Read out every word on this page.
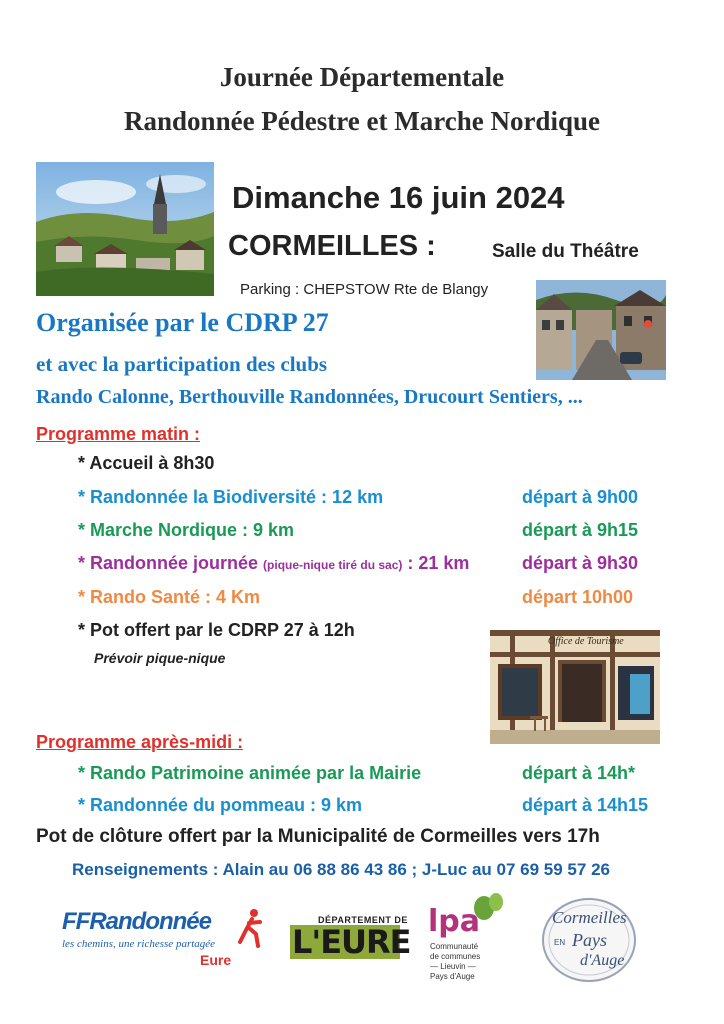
Journée Départementale
Randonnée Pédestre et Marche Nordique
Dimanche 16 juin 2024
CORMEILLES :	Salle du Théâtre
Parking : CHEPSTOW Rte de Blangy
Organisée par le CDRP 27
et avec la participation des clubs
Rando Calonne, Berthouville Randonnées, Drucourt Sentiers, ...
Programme matin :
* Accueil à 8h30
* Randonnée la Biodiversité : 12 km	départ à 9h00
* Marche Nordique : 9 km	départ à 9h15
* Randonnée journée (pique-nique tiré du sac) : 21 km	départ à 9h30
* Rando Santé : 4 Km	départ 10h00
* Pot offert par le CDRP 27 à 12h
Prévoir pique-nique
Office de Tourisme
Programme après-midi :
* Rando Patrimoine animée par la Mairie	départ à 14h*
* Randonnée du pommeau : 9 km	départ à 14h15
Pot de clôture offert par la Municipalité de Cormeilles vers 17h
Renseignements : Alain au 06 88 86 43 86 ; J-Luc au 07 69 59 57 26
FFRandonnée
les chemins, une richesse partagée
Eure
DÉPARTEMENT DE
L'EURE
lpa
Communauté
de communes
— Lieuvin —
Pays d'Auge
Cormeilles
EN Pays
d'Auge
